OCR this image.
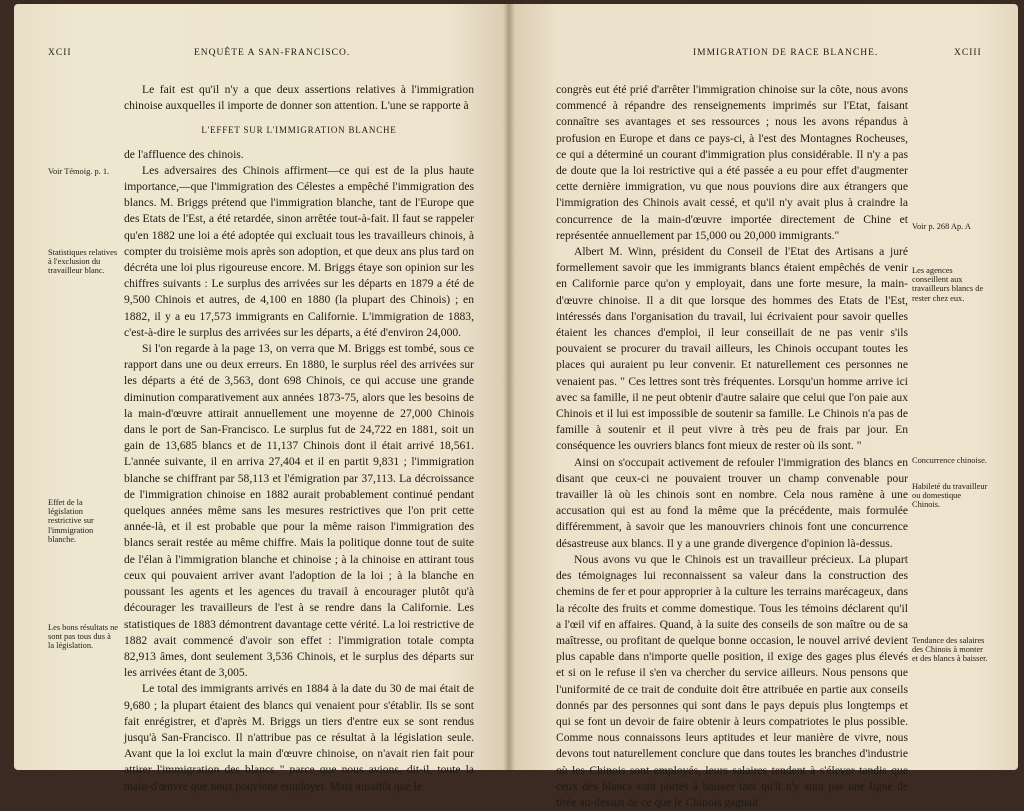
XCII	ENQUÊTE A SAN-FRANCISCO.

Le fait est qu'il n'y a que deux assertions relatives à l'immigration chinoise auxquelles il importe de donner son attention. L'une se rapporte à

L'EFFET SUR L'IMMIGRATION BLANCHE

de l'affluence des chinois.

Les adversaires des Chinois affirment—ce qui est de la plus haute importance,—que l'immigration des Célestes a empêché l'immigration des blancs. M. Briggs prétend que l'immigration blanche, tant de l'Europe que des Etats de l'Est, a été retardée, sinon arrêtée tout-à-fait. Il faut se rappeler qu'en 1882 une loi a été adoptée qui excluait tous les travailleurs chinois, à compter du troisième mois après son adoption, et que deux ans plus tard on décréta une loi plus rigoureuse encore. M. Briggs étaye son opinion sur les chiffres suivants : Le surplus des arrivées sur les départs en 1879 a été de 9,500 Chinois et autres, de 4,100 en 1880 (la plupart des Chinois) ; en 1882, il y a eu 17,573 immigrants en Californie. L'immigration de 1883, c'est-à-dire le surplus des arrivées sur les départs, a été d'environ 24,000.

Si l'on regarde à la page 13, on verra que M. Briggs est tombé, sous ce rapport dans une ou deux erreurs. En 1880, le surplus réel des arrivées sur les départs a été de 3,563, dont 698 Chinois, ce qui accuse une grande diminution comparativement aux années 1873-75, alors que les besoins de la main-d'œuvre attirait annuellement une moyenne de 27,000 Chinois dans le port de San-Francisco. Le surplus fut de 24,722 en 1881, soit un gain de 13,685 blancs et de 11,137 Chinois dont il était arrivé 18,561. L'année suivante, il en arriva 27,404 et il en partit 9,831 ; l'immigration blanche se chiffrant par 58,113 et l'émigration par 37,113. La décroissance de l'immigration chinoise en 1882 aurait probablement continué pendant quelques années même sans les mesures restrictives que l'on prit cette année-là, et il est probable que pour la même raison l'immigration des blancs serait restée au même chiffre. Mais la politique donne tout de suite de l'élan à l'immigration blanche et chinoise ; à la chinoise en attirant tous ceux qui pouvaient arriver avant l'adoption de la loi ; à la blanche en poussant les agents et les agences du travail à encourager plutôt qu'à décourager les travailleurs de l'est à se rendre dans la Californie. Les statistiques de 1883 démontrent davantage cette vérité. La loi restrictive de 1882 avait commencé d'avoir son effet : l'immigration totale compta 82,913 âmes, dont seulement 3,536 Chinois, et le surplus des départs sur les arrivées étant de 3,005.

Le total des immigrants arrivés en 1884 à la date du 30 de mai était de 9,680 ; la plupart étaient des blancs qui venaient pour s'établir. Ils se sont fait enrégistrer, et d'après M. Briggs un tiers d'entre eux se sont rendus jusqu'à San-Francisco. Il n'attribue pas ce résultat à la législation seule. Avant que la loi exclut la main d'œuvre chinoise, on n'avait rien fait pour attirer l'immigration des blancs " parce que nous avions, dit-il, toute la main-d'œuvre que nous pouvions employer. Mais aussitôt que le

Voir Témoig. p. 1.
Statistiques relatives à l'exclusion du travailleur blanc.
Effet de la législation restrictive sur l'immigration blanche.
Les bons résultats ne sont pas tous dus à la législation.
IMMIGRATION DE RACE BLANCHE.	XCIII

congrès eut été prié d'arrêter l'immigration chinoise sur la côte, nous avons commencé à répandre des renseignements imprimés sur l'Etat, faisant connaître ses avantages et ses ressources ; nous les avons répandus à profusion en Europe et dans ce pays-ci, à l'est des Montagnes Rocheuses, ce qui a déterminé un courant d'immigration plus considérable. Il n'y a pas de doute que la loi restrictive qui a été passée a eu pour effet d'augmenter cette dernière immigration, vu que nous pouvions dire aux étrangers que l'immigration des Chinois avait cessé, et qu'il n'y avait plus à craindre la concurrence de la main-d'œuvre importée directement de Chine et représentée annuellement par 15,000 ou 20,000 immigrants."

Albert M. Winn, président du Conseil de l'Etat des Artisans a juré formellement savoir que les immigrants blancs étaient empêchés de venir en Californie parce qu'on y employait, dans une forte mesure, la main-d'œuvre chinoise. Il a dit que lorsque des hommes des Etats de l'Est, intéressés dans l'organisation du travail, lui écrivaient pour savoir quelles étaient les chances d'emploi, il leur conseillait de ne pas venir s'ils pouvaient se procurer du travail ailleurs, les Chinois occupant toutes les places qui auraient pu leur convenir. Et naturellement ces personnes ne venaient pas. " Ces lettres sont très fréquentes. Lorsqu'un homme arrive ici avec sa famille, il ne peut obtenir d'autre salaire que celui que l'on paie aux Chinois et il lui est impossible de soutenir sa famille. Le Chinois n'a pas de famille à soutenir et il peut vivre à très peu de frais par jour. En conséquence les ouvriers blancs font mieux de rester où ils sont. "

Ainsi on s'occupait activement de refouler l'immigration des blancs en disant que ceux-ci ne pouvaient trouver un champ convenable pour travailler là où les chinois sont en nombre. Cela nous ramène à une accusation qui est au fond la même que la précédente, mais formulée différemment, à savoir que les manouvriers chinois font une concurrence désastreuse aux blancs. Il y a une grande divergence d'opinion là-dessus.

Nous avons vu que le Chinois est un travailleur précieux. La plupart des témoignages lui reconnaissent sa valeur dans la construction des chemins de fer et pour approprier à la culture les terrains marécageux, dans la récolte des fruits et comme domestique. Tous les témoins déclarent qu'il a l'œil vif en affaires. Quand, à la suite des conseils de son maître ou de sa maîtresse, ou profitant de quelque bonne occasion, le nouvel arrivé devient plus capable dans n'importe quelle position, il exige des gages plus élevés et si on le refuse il s'en va chercher du service ailleurs. Nous pensons que l'uniformité de ce trait de conduite doit être attribuée en partie aux conseils donnés par des personnes qui sont dans le pays depuis plus longtemps et qui se font un devoir de faire obtenir à leurs compatriotes le plus possible. Comme nous connaissons leurs aptitudes et leur manière de vivre, nous devons tout naturellement conclure que dans toutes les branches d'industrie où les Chinois sont employés, leurs salaires tendent à s'élever tandis que ceux des blancs sont portés à baisser tant qu'il n'y aura pas une ligne de tirée au-dessus de ce que le Chinois gagnait

Voir p. 268 Ap. A
Les agences conseillent aux travailleurs blancs de rester chez eux.
Concurrence chinoise.
Habileté du travailleur ou domestique Chinois.
Tendance des salaires des Chinois à monter et des blancs à baisser.
